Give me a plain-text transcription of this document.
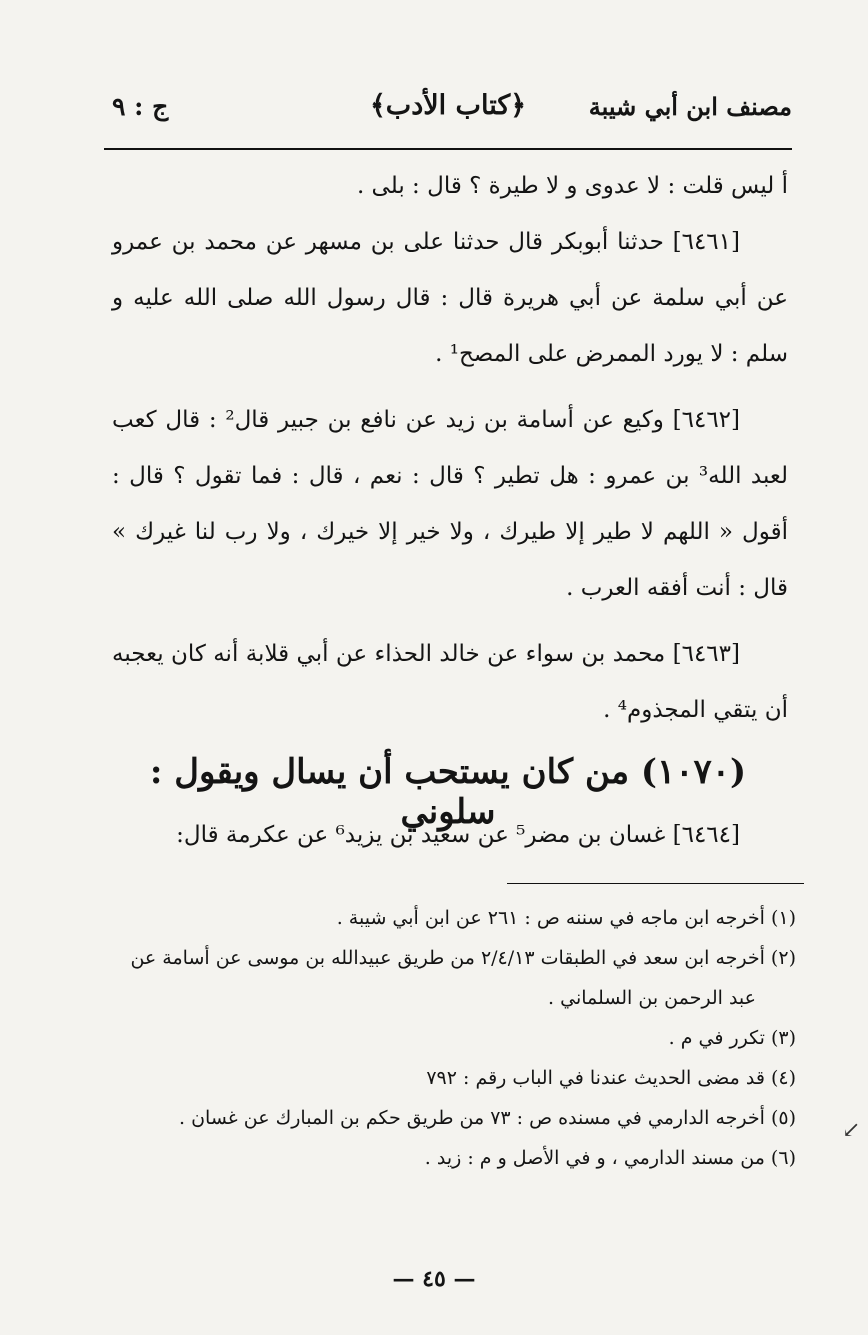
مصنف ابن أبي شيبة
﴿كتاب الأدب﴾
ج : ٩

أ ليس قلت : لا عدوى و لا طيرة ؟ قال : بلى .

[٦٤٦١] حدثنا أبوبكر قال حدثنا على بن مسهر عن محمد بن عمرو عن أبي سلمة عن أبي هريرة قال : قال رسول الله صلى الله عليه و سلم : لا يورد الممرض على المصح¹ .

[٦٤٦٢] وكيع عن أسامة بن زيد عن نافع بن جبير قال² : قال كعب لعبد الله³ بن عمرو : هل تطير ؟ قال : نعم ، قال : فما تقول ؟ قال : أقول « اللهم لا طير إلا طيرك ، ولا خير إلا خيرك ، ولا رب لنا غيرك » قال : أنت أفقه العرب .

[٦٤٦٣] محمد بن سواء عن خالد الحذاء عن أبي قلابة أنه كان يعجبه أن يتقي المجذوم⁴ .

(١٠٧٠) من كان يستحب أن يسال ويقول : سلوني
[٦٤٦٤] غسان بن مضر⁵ عن سعيد بن يزيد⁶ عن عكرمة قال:

(١) أخرجه ابن ماجه في سننه ص : ٢٦١ عن ابن أبي شيبة .

(٢) أخرجه ابن سعد في الطبقات ٢/٤/١٣ من طريق عبيدالله بن موسى عن أسامة عن عبد الرحمن بن السلماني .

(٣) تكرر في م .

(٤) قد مضى الحديث عندنا في الباب رقم : ٧٩٢

(٥) أخرجه الدارمي في مسنده ص : ٧٣ من طريق حكم بن المبارك عن غسان .

(٦) من مسند الدارمي ، و في الأصل و م : زيد .

↙
— ٤٥ —
